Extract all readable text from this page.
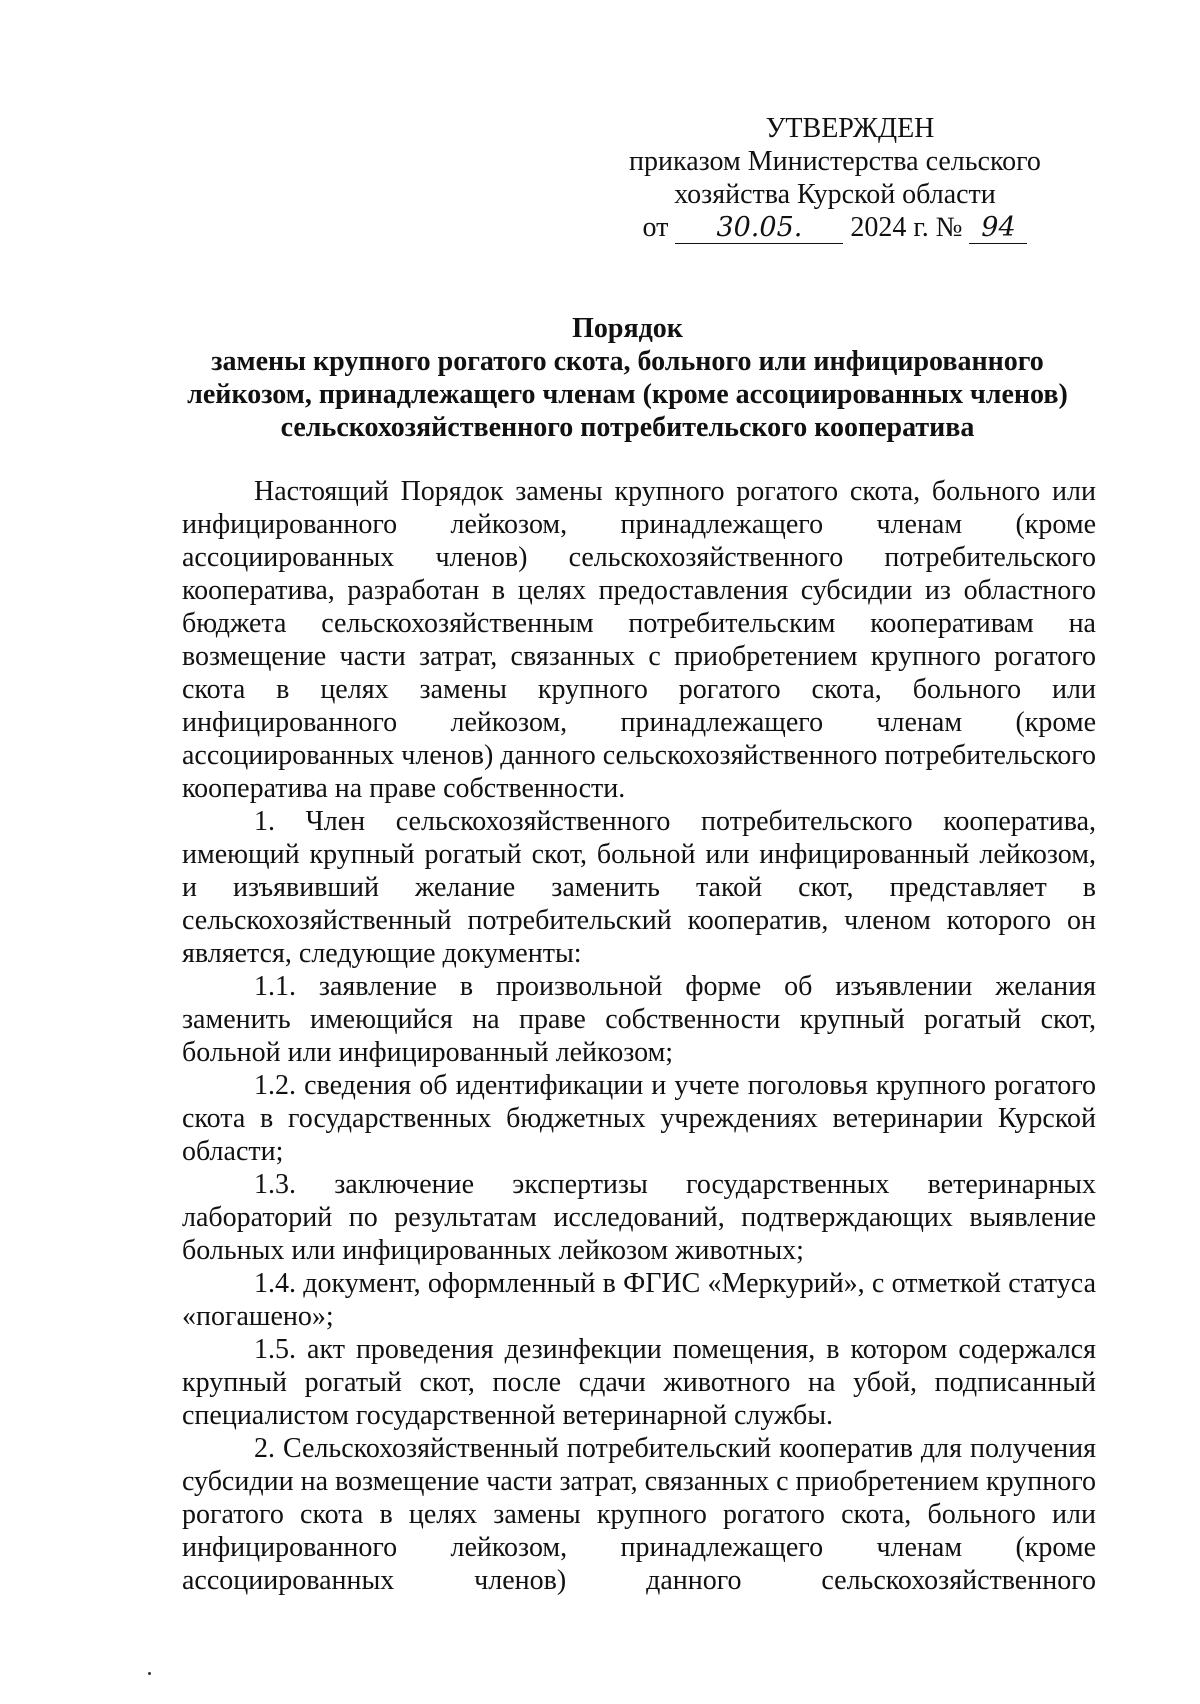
УТВЕРЖДЕН
приказом Министерства сельского
хозяйства Курской области
от 30.05. 2024 г. № 94
Порядок
замены крупного рогатого скота, больного или инфицированного
лейкозом, принадлежащего членам (кроме ассоциированных членов)
сельскохозяйственного потребительского кооператива

Настоящий Порядок замены крупного рогатого скота, больного или инфицированного лейкозом, принадлежащего членам (кроме ассоциированных членов) сельскохозяйственного потребительского кооператива, разработан в целях предоставления субсидии из областного бюджета сельскохозяйственным потребительским кооперативам на возмещение части затрат, связанных с приобретением крупного рогатого скота в целях замены крупного рогатого скота, больного или инфицированного лейкозом, принадлежащего членам (кроме ассоциированных членов) данного сельскохозяйственного потребительского кооператива на праве собственности.

1. Член сельскохозяйственного потребительского кооператива, имеющий крупный рогатый скот, больной или инфицированный лейкозом, и изъявивший желание заменить такой скот, представляет в сельскохозяйственный потребительский кооператив, членом которого он является, следующие документы:

1.1. заявление в произвольной форме об изъявлении желания заменить имеющийся на праве собственности крупный рогатый скот, больной или инфицированный лейкозом;

1.2. сведения об идентификации и учете поголовья крупного рогатого скота в государственных бюджетных учреждениях ветеринарии Курской области;

1.3. заключение экспертизы государственных ветеринарных лабораторий по результатам исследований, подтверждающих выявление больных или инфицированных лейкозом животных;

1.4. документ, оформленный в ФГИС «Меркурий», с отметкой статуса «погашено»;

1.5. акт проведения дезинфекции помещения, в котором содержался крупный рогатый скот, после сдачи животного на убой, подписанный специалистом государственной ветеринарной службы.

2. Сельскохозяйственный потребительский кооператив для получения субсидии на возмещение части затрат, связанных с приобретением крупного рогатого скота в целях замены крупного рогатого скота, больного или инфицированного лейкозом, принадлежащего членам (кроме ассоциированных членов) данного сельскохозяйственного
